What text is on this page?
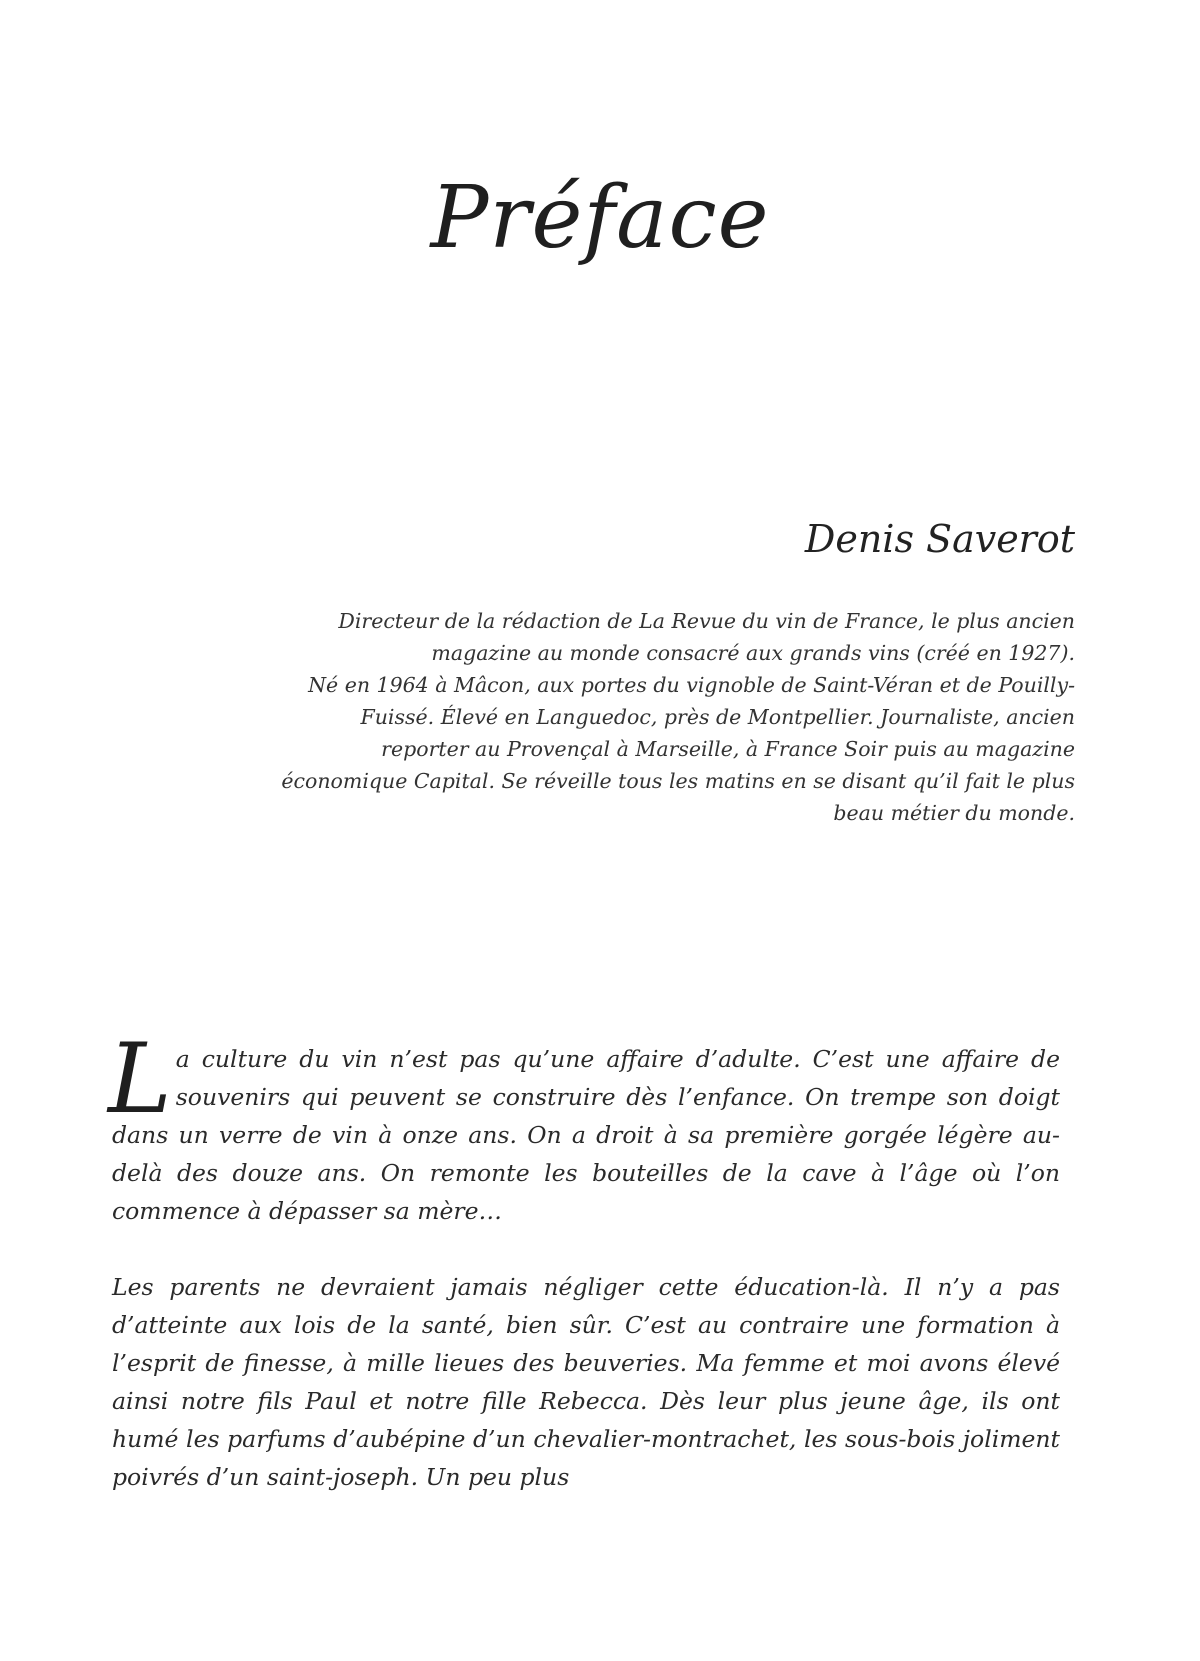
Préface
Denis Saverot

Directeur de la rédaction de La Revue du vin de France, le plus ancien magazine au monde consacré aux grands vins (créé en 1927).

Né en 1964 à Mâcon, aux portes du vignoble de Saint-Véran et de Pouilly-Fuissé. Élevé en Languedoc, près de Montpellier. Journaliste, ancien reporter au Provençal à Marseille, à France Soir puis au magazine économique Capital. Se réveille tous les matins en se disant qu’il fait le plus beau métier du monde.

La culture du vin n’est pas qu’une affaire d’adulte. C’est une affaire de souvenirs qui peuvent se construire dès l’enfance. On trempe son doigt dans un verre de vin à onze ans. On a droit à sa première gorgée légère au-delà des douze ans. On remonte les bouteilles de la cave à l’âge où l’on commence à dépasser sa mère…

Les parents ne devraient jamais négliger cette éducation-là. Il n’y a pas d’atteinte aux lois de la santé, bien sûr. C’est au contraire une formation à l’esprit de finesse, à mille lieues des beuveries. Ma femme et moi avons élevé ainsi notre fils Paul et notre fille Rebecca. Dès leur plus jeune âge, ils ont humé les parfums d’aubépine d’un chevalier-montrachet, les sous-bois joliment poivrés d’un saint-joseph. Un peu plus
